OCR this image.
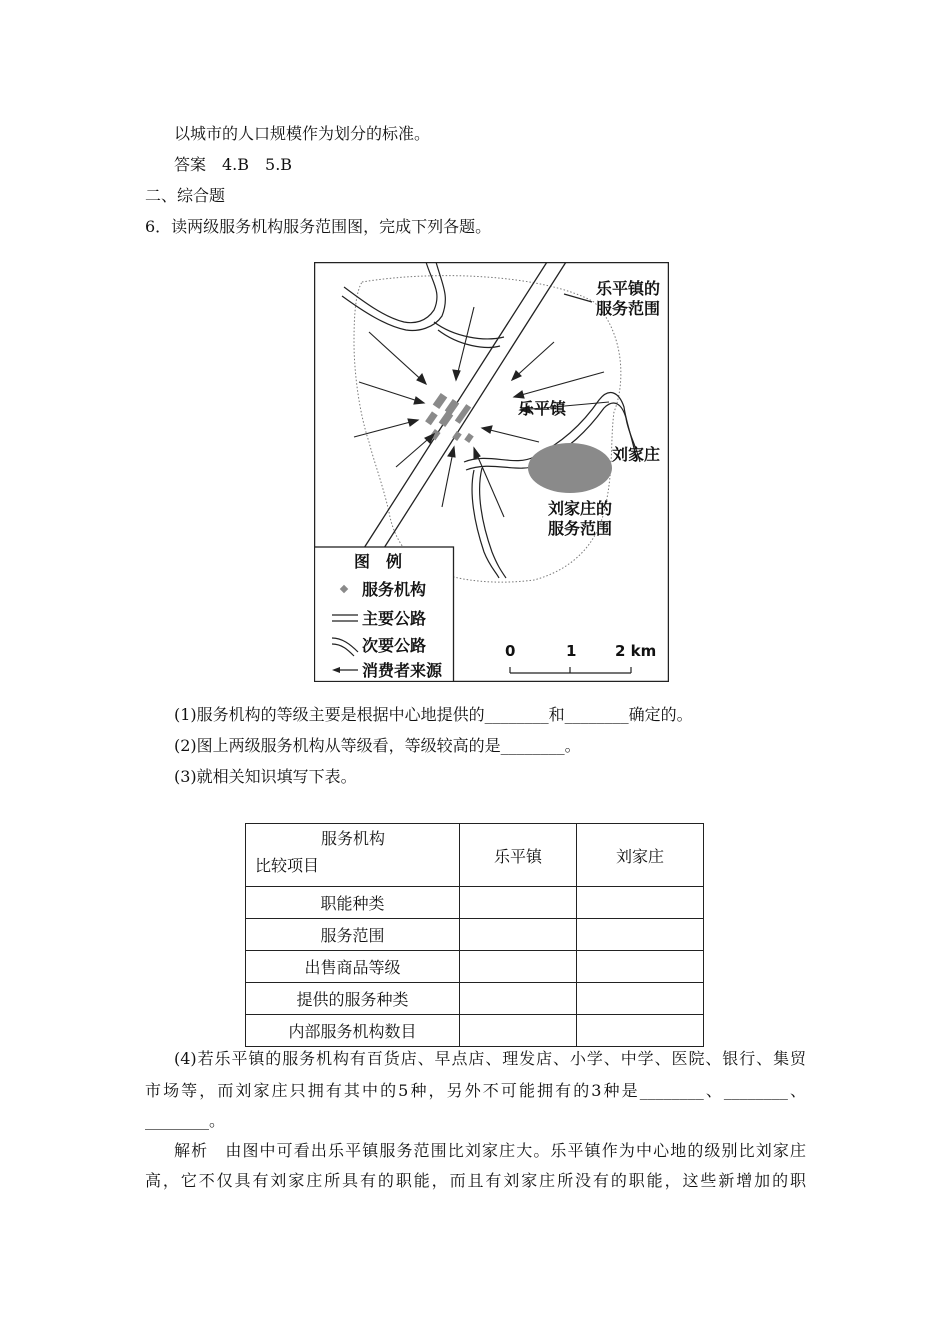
以城市的人口规模作为划分的标准。
答案　4.B　5.B
二、综合题
6．读两级服务机构服务范围图，完成下列各题。
乐平镇的
服务范围
乐平镇
刘家庄
刘家庄的
服务范围
图　例
服务机构
主要公路
次要公路
消费者来源
0	1	2 km
(1)服务机构的等级主要是根据中心地提供的________和________确定的。
(2)图上两级服务机构从等级看，等级较高的是________。
(3)就相关知识填写下表。
服务机构
比较项目	乐平镇	刘家庄
职能种类		
服务范围		
出售商品等级		
提供的服务种类		
内部服务机构数目		
(4)若乐平镇的服务机构有百货店、早点店、理发店、小学、中学、医院、银行、集贸
市场等，而刘家庄只拥有其中的5种，另外不可能拥有的3种是________、________、
________。
解析　由图中可看出乐平镇服务范围比刘家庄大。乐平镇作为中心地的级别比刘家庄
高，它不仅具有刘家庄所具有的职能，而且有刘家庄所没有的职能，这些新增加的职
